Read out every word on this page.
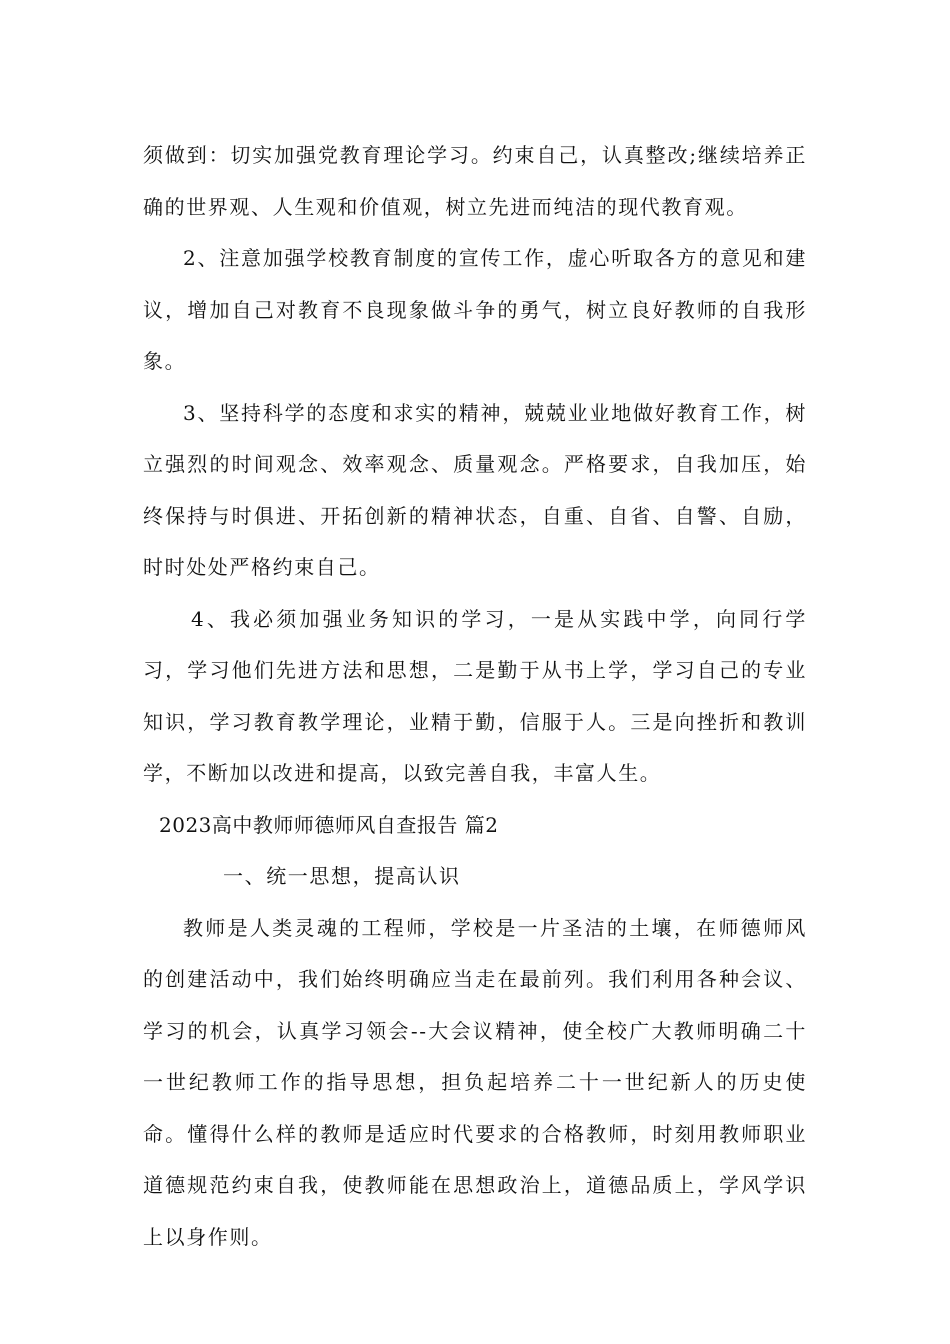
须做到：切实加强党教育理论学习。约束自己，认真整改;继续培养正确的世界观、人生观和价值观，树立先进而纯洁的现代教育观。

2、注意加强学校教育制度的宣传工作，虚心听取各方的意见和建议，增加自己对教育不良现象做斗争的勇气，树立良好教师的自我形象。

3、坚持科学的态度和求实的精神，兢兢业业地做好教育工作，树立强烈的时间观念、效率观念、质量观念。严格要求，自我加压，始终保持与时俱进、开拓创新的精神状态，自重、自省、自警、自励，时时处处严格约束自己。

4、我必须加强业务知识的学习，一是从实践中学，向同行学习，学习他们先进方法和思想，二是勤于从书上学，学习自己的专业知识，学习教育教学理论，业精于勤，信服于人。三是向挫折和教训学，不断加以改进和提高，以致完善自我，丰富人生。

2023高中教师师德师风自查报告 篇2

一、统一思想，提高认识

教师是人类灵魂的工程师，学校是一片圣洁的土壤，在师德师风的创建活动中，我们始终明确应当走在最前列。我们利用各种会议、学习的机会，认真学习领会--大会议精神，使全校广大教师明确二十一世纪教师工作的指导思想，担负起培养二十一世纪新人的历史使命。懂得什么样的教师是适应时代要求的合格教师，时刻用教师职业道德规范约束自我，使教师能在思想政治上，道德品质上，学风学识上以身作则。
